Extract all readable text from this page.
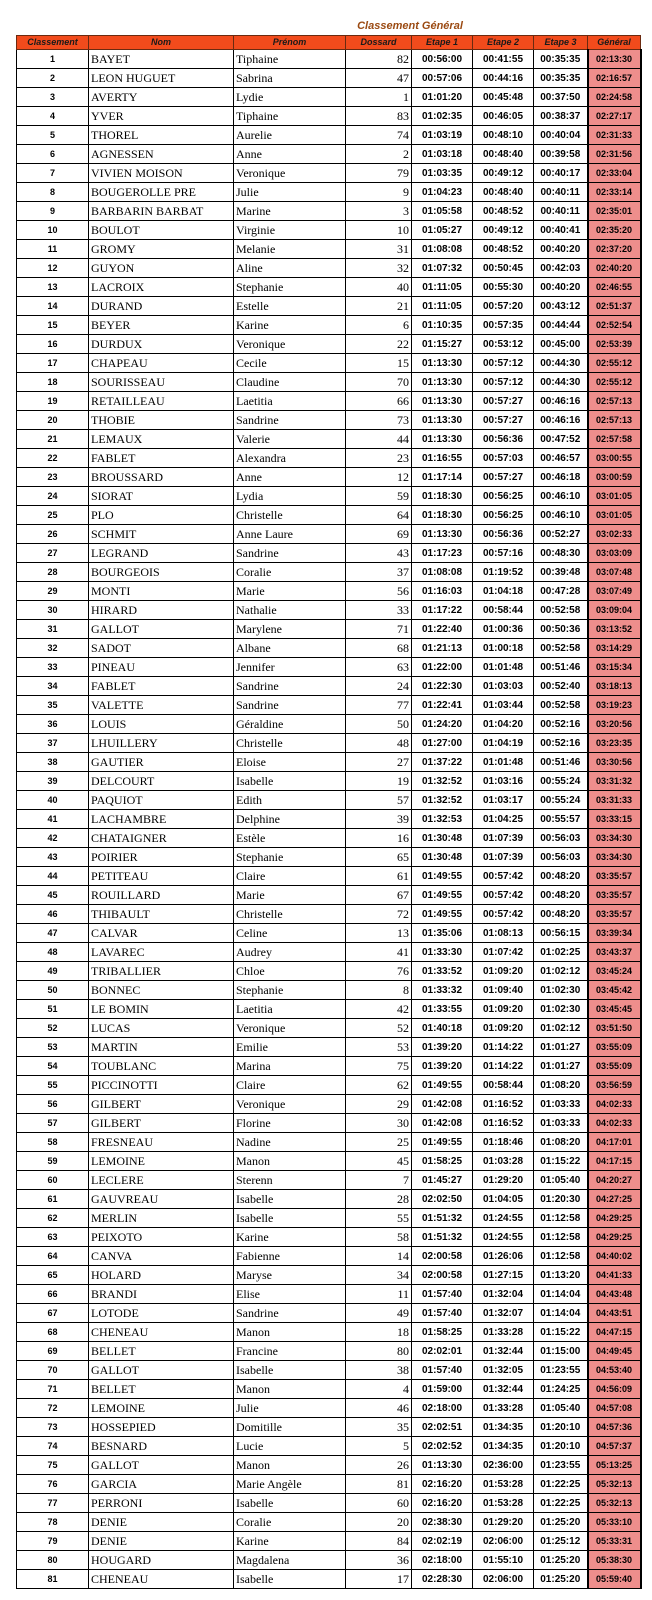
Classement Général
Classement	Nom	Prénom	Dossard	Etape 1	Etape 2	Etape 3	Général
1	BAYET	Tiphaine	82	00:56:00	00:41:55	00:35:35	02:13:30
2	LEON HUGUET	Sabrina	47	00:57:06	00:44:16	00:35:35	02:16:57
3	AVERTY	Lydie	1	01:01:20	00:45:48	00:37:50	02:24:58
4	YVER	Tiphaine	83	01:02:35	00:46:05	00:38:37	02:27:17
5	THOREL	Aurelie	74	01:03:19	00:48:10	00:40:04	02:31:33
6	AGNESSEN	Anne	2	01:03:18	00:48:40	00:39:58	02:31:56
7	VIVIEN MOISON	Veronique	79	01:03:35	00:49:12	00:40:17	02:33:04
8	BOUGEROLLE PRE	Julie	9	01:04:23	00:48:40	00:40:11	02:33:14
9	BARBARIN BARBAT	Marine	3	01:05:58	00:48:52	00:40:11	02:35:01
10	BOULOT	Virginie	10	01:05:27	00:49:12	00:40:41	02:35:20
11	GROMY	Melanie	31	01:08:08	00:48:52	00:40:20	02:37:20
12	GUYON	Aline	32	01:07:32	00:50:45	00:42:03	02:40:20
13	LACROIX	Stephanie	40	01:11:05	00:55:30	00:40:20	02:46:55
14	DURAND	Estelle	21	01:11:05	00:57:20	00:43:12	02:51:37
15	BEYER	Karine	6	01:10:35	00:57:35	00:44:44	02:52:54
16	DURDUX	Veronique	22	01:15:27	00:53:12	00:45:00	02:53:39
17	CHAPEAU	Cecile	15	01:13:30	00:57:12	00:44:30	02:55:12
18	SOURISSEAU	Claudine	70	01:13:30	00:57:12	00:44:30	02:55:12
19	RETAILLEAU	Laetitia	66	01:13:30	00:57:27	00:46:16	02:57:13
20	THOBIE	Sandrine	73	01:13:30	00:57:27	00:46:16	02:57:13
21	LEMAUX	Valerie	44	01:13:30	00:56:36	00:47:52	02:57:58
22	FABLET	Alexandra	23	01:16:55	00:57:03	00:46:57	03:00:55
23	BROUSSARD	Anne	12	01:17:14	00:57:27	00:46:18	03:00:59
24	SIORAT	Lydia	59	01:18:30	00:56:25	00:46:10	03:01:05
25	PLO	Christelle	64	01:18:30	00:56:25	00:46:10	03:01:05
26	SCHMIT	Anne Laure	69	01:13:30	00:56:36	00:52:27	03:02:33
27	LEGRAND	Sandrine	43	01:17:23	00:57:16	00:48:30	03:03:09
28	BOURGEOIS	Coralie	37	01:08:08	01:19:52	00:39:48	03:07:48
29	MONTI	Marie	56	01:16:03	01:04:18	00:47:28	03:07:49
30	HIRARD	Nathalie	33	01:17:22	00:58:44	00:52:58	03:09:04
31	GALLOT	Marylene	71	01:22:40	01:00:36	00:50:36	03:13:52
32	SADOT	Albane	68	01:21:13	01:00:18	00:52:58	03:14:29
33	PINEAU	Jennifer	63	01:22:00	01:01:48	00:51:46	03:15:34
34	FABLET	Sandrine	24	01:22:30	01:03:03	00:52:40	03:18:13
35	VALETTE	Sandrine	77	01:22:41	01:03:44	00:52:58	03:19:23
36	LOUIS	Géraldine	50	01:24:20	01:04:20	00:52:16	03:20:56
37	LHUILLERY	Christelle	48	01:27:00	01:04:19	00:52:16	03:23:35
38	GAUTIER	Eloise	27	01:37:22	01:01:48	00:51:46	03:30:56
39	DELCOURT	Isabelle	19	01:32:52	01:03:16	00:55:24	03:31:32
40	PAQUIOT	Edith	57	01:32:52	01:03:17	00:55:24	03:31:33
41	LACHAMBRE	Delphine	39	01:32:53	01:04:25	00:55:57	03:33:15
42	CHATAIGNER	Estèle	16	01:30:48	01:07:39	00:56:03	03:34:30
43	POIRIER	Stephanie	65	01:30:48	01:07:39	00:56:03	03:34:30
44	PETITEAU	Claire	61	01:49:55	00:57:42	00:48:20	03:35:57
45	ROUILLARD	Marie	67	01:49:55	00:57:42	00:48:20	03:35:57
46	THIBAULT	Christelle	72	01:49:55	00:57:42	00:48:20	03:35:57
47	CALVAR	Celine	13	01:35:06	01:08:13	00:56:15	03:39:34
48	LAVAREC	Audrey	41	01:33:30	01:07:42	01:02:25	03:43:37
49	TRIBALLIER	Chloe	76	01:33:52	01:09:20	01:02:12	03:45:24
50	BONNEC	Stephanie	8	01:33:32	01:09:40	01:02:30	03:45:42
51	LE BOMIN	Laetitia	42	01:33:55	01:09:20	01:02:30	03:45:45
52	LUCAS	Veronique	52	01:40:18	01:09:20	01:02:12	03:51:50
53	MARTIN	Emilie	53	01:39:20	01:14:22	01:01:27	03:55:09
54	TOUBLANC	Marina	75	01:39:20	01:14:22	01:01:27	03:55:09
55	PICCINOTTI	Claire	62	01:49:55	00:58:44	01:08:20	03:56:59
56	GILBERT	Veronique	29	01:42:08	01:16:52	01:03:33	04:02:33
57	GILBERT	Florine	30	01:42:08	01:16:52	01:03:33	04:02:33
58	FRESNEAU	Nadine	25	01:49:55	01:18:46	01:08:20	04:17:01
59	LEMOINE	Manon	45	01:58:25	01:03:28	01:15:22	04:17:15
60	LECLERE	Sterenn	7	01:45:27	01:29:20	01:05:40	04:20:27
61	GAUVREAU	Isabelle	28	02:02:50	01:04:05	01:20:30	04:27:25
62	MERLIN	Isabelle	55	01:51:32	01:24:55	01:12:58	04:29:25
63	PEIXOTO	Karine	58	01:51:32	01:24:55	01:12:58	04:29:25
64	CANVA	Fabienne	14	02:00:58	01:26:06	01:12:58	04:40:02
65	HOLARD	Maryse	34	02:00:58	01:27:15	01:13:20	04:41:33
66	BRANDI	Elise	11	01:57:40	01:32:04	01:14:04	04:43:48
67	LOTODE	Sandrine	49	01:57:40	01:32:07	01:14:04	04:43:51
68	CHENEAU	Manon	18	01:58:25	01:33:28	01:15:22	04:47:15
69	BELLET	Francine	80	02:02:01	01:32:44	01:15:00	04:49:45
70	GALLOT	Isabelle	38	01:57:40	01:32:05	01:23:55	04:53:40
71	BELLET	Manon	4	01:59:00	01:32:44	01:24:25	04:56:09
72	LEMOINE	Julie	46	02:18:00	01:33:28	01:05:40	04:57:08
73	HOSSEPIED	Domitille	35	02:02:51	01:34:35	01:20:10	04:57:36
74	BESNARD	Lucie	5	02:02:52	01:34:35	01:20:10	04:57:37
75	GALLOT	Manon	26	01:13:30	02:36:00	01:23:55	05:13:25
76	GARCIA	Marie Angèle	81	02:16:20	01:53:28	01:22:25	05:32:13
77	PERRONI	Isabelle	60	02:16:20	01:53:28	01:22:25	05:32:13
78	DENIE	Coralie	20	02:38:30	01:29:20	01:25:20	05:33:10
79	DENIE	Karine	84	02:02:19	02:06:00	01:25:12	05:33:31
80	HOUGARD	Magdalena	36	02:18:00	01:55:10	01:25:20	05:38:30
81	CHENEAU	Isabelle	17	02:28:30	02:06:00	01:25:20	05:59:40
